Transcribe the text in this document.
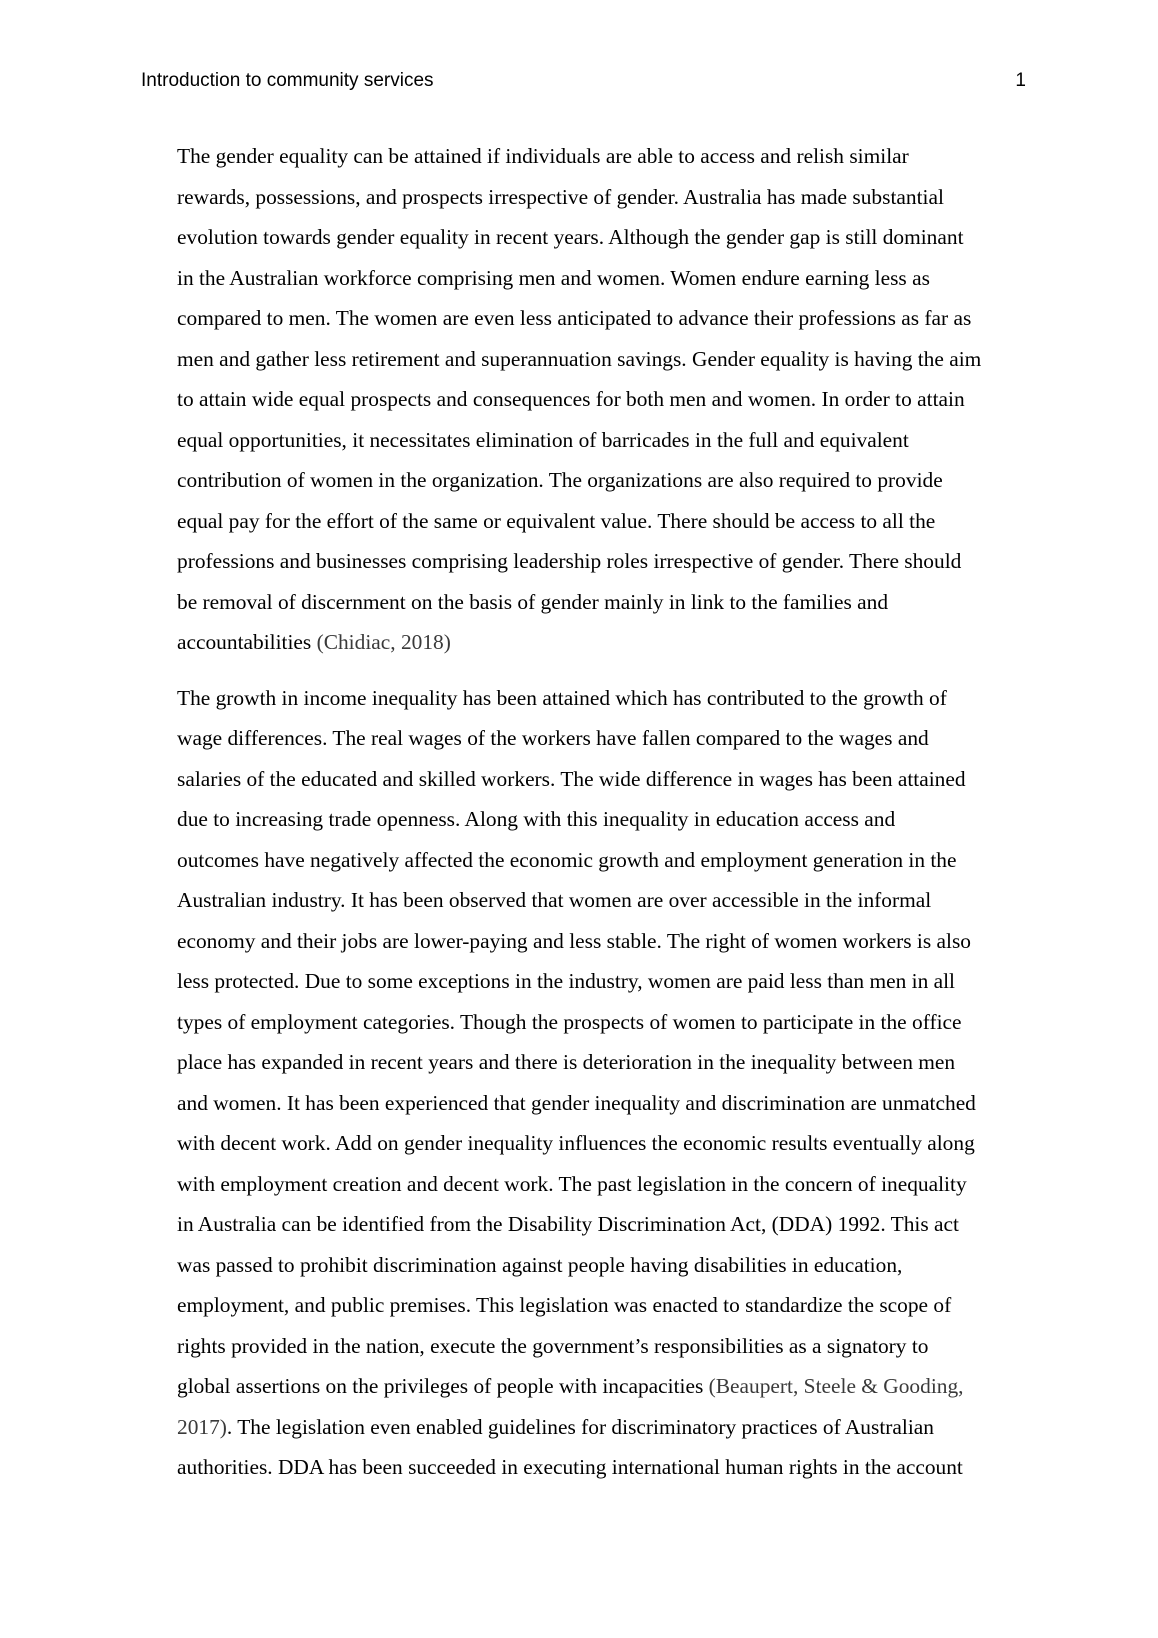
Introduction to community services	1

The gender equality can be attained if individuals are able to access and relish similar
rewards, possessions, and prospects irrespective of gender. Australia has made substantial
evolution towards gender equality in recent years. Although the gender gap is still dominant
in the Australian workforce comprising men and women. Women endure earning less as
compared to men. The women are even less anticipated to advance their professions as far as
men and gather less retirement and superannuation savings. Gender equality is having the aim
to attain wide equal prospects and consequences for both men and women. In order to attain
equal opportunities, it necessitates elimination of barricades in the full and equivalent
contribution of women in the organization. The organizations are also required to provide
equal pay for the effort of the same or equivalent value. There should be access to all the
professions and businesses comprising leadership roles irrespective of gender. There should
be removal of discernment on the basis of gender mainly in link to the families and
accountabilities (Chidiac, 2018)

The growth in income inequality has been attained which has contributed to the growth of
wage differences. The real wages of the workers have fallen compared to the wages and
salaries of the educated and skilled workers. The wide difference in wages has been attained
due to increasing trade openness. Along with this inequality in education access and
outcomes have negatively affected the economic growth and employment generation in the
Australian industry. It has been observed that women are over accessible in the informal
economy and their jobs are lower-paying and less stable. The right of women workers is also
less protected. Due to some exceptions in the industry, women are paid less than men in all
types of employment categories. Though the prospects of women to participate in the office
place has expanded in recent years and there is deterioration in the inequality between men
and women. It has been experienced that gender inequality and discrimination are unmatched
with decent work. Add on gender inequality influences the economic results eventually along
with employment creation and decent work. The past legislation in the concern of inequality
in Australia can be identified from the Disability Discrimination Act, (DDA) 1992. This act
was passed to prohibit discrimination against people having disabilities in education,
employment, and public premises. This legislation was enacted to standardize the scope of
rights provided in the nation, execute the government’s responsibilities as a signatory to
global assertions on the privileges of people with incapacities (Beaupert, Steele & Gooding,
2017). The legislation even enabled guidelines for discriminatory practices of Australian
authorities. DDA has been succeeded in executing international human rights in the account
